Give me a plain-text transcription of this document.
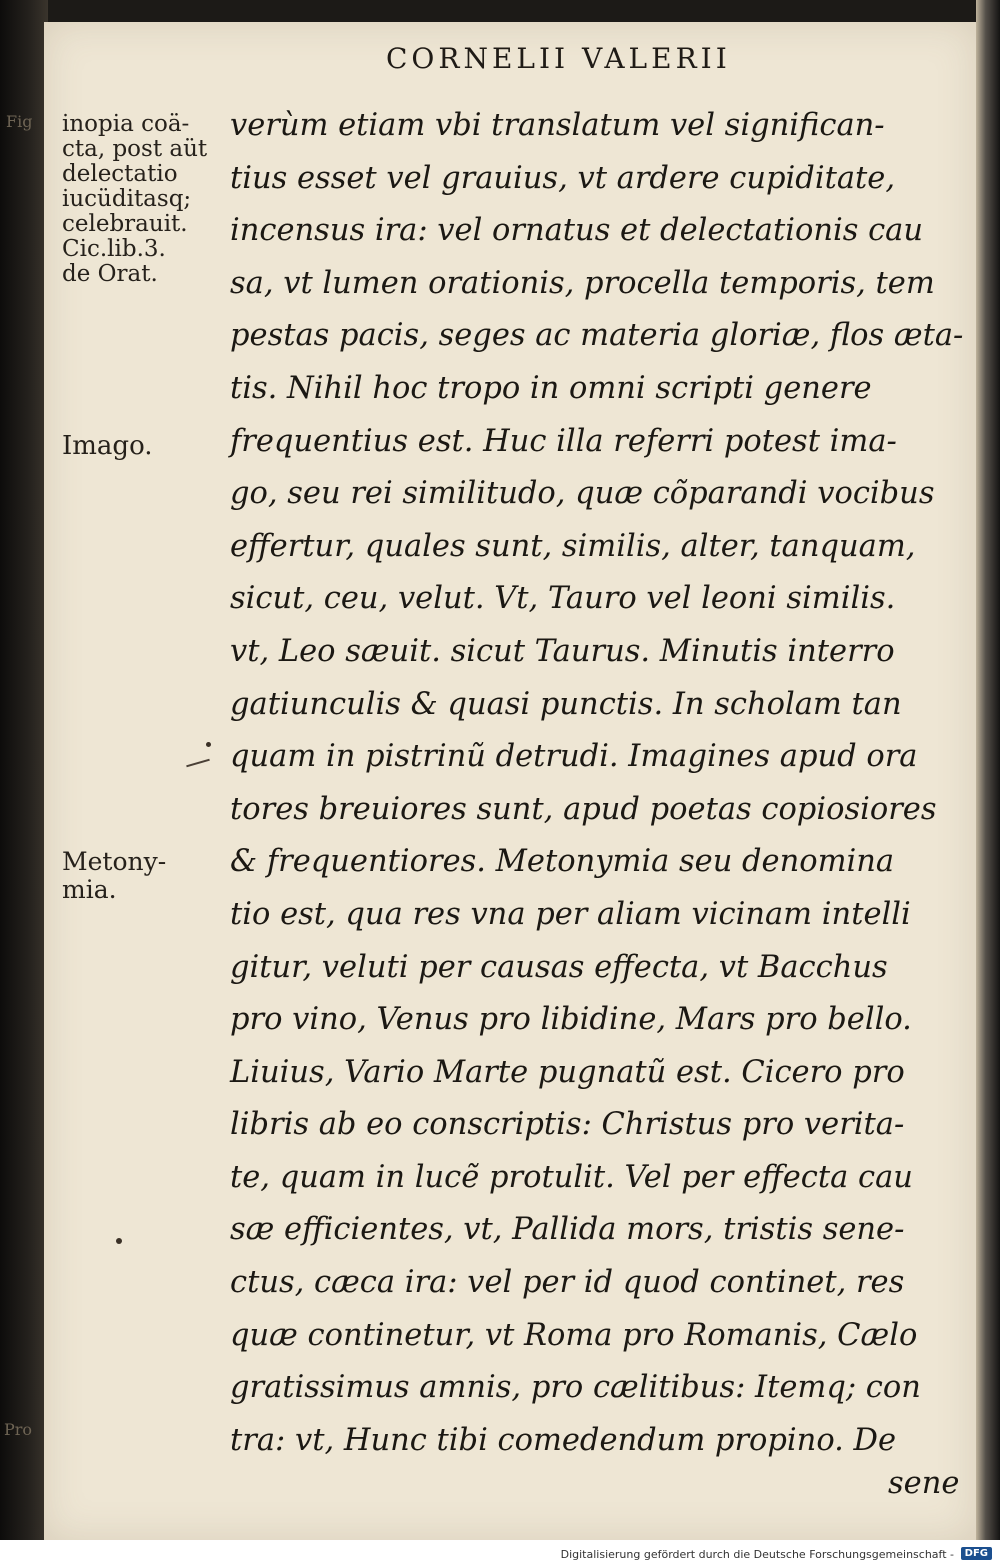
Fig
Pro
CORNELII VALERII
inopia coä-
cta, post aüt
delectatio
iucüditasq;
celebrauit.
Cic.lib.3.
de Orat.
Imago.
Metony-
mia.
verùm etiam vbi translatum vel significan-
tius esset vel grauius, vt ardere cupiditate,
incensus ira: vel ornatus et delectationis cau
sa, vt lumen orationis, procella temporis, tem
pestas pacis, seges ac materia gloriæ, flos æta-
tis. Nihil hoc tropo in omni scripti genere
frequentius est. Huc illa referri potest ima-
go, seu rei similitudo, quæ cõparandi vocibus
effertur, quales sunt, similis, alter, tanquam,
sicut, ceu, velut. Vt, Tauro vel leoni similis.
vt, Leo sæuit. sicut Taurus. Minutis interro
gatiunculis & quasi punctis. In scholam tan
quam in pistrinũ detrudi. Imagines apud ora
tores breuiores sunt, apud poetas copiosiores
& frequentiores. Metonymia seu denomina
tio est, qua res vna per aliam vicinam intelli
gitur, veluti per causas effecta, vt Bacchus
pro vino, Venus pro libidine, Mars pro bello.
Liuius, Vario Marte pugnatũ est. Cicero pro
libris ab eo conscriptis: Christus pro verita-
te, quam in lucẽ protulit. Vel per effecta cau
sæ efficientes, vt, Pallida mors, tristis sene-
ctus, cæca ira: vel per id quod continet, res
quæ continetur, vt Roma pro Romanis, Cælo
gratissimus amnis, pro cælitibus: Itemq; con
tra: vt, Hunc tibi comedendum propino. De
sene
Digitalisierung gefördert durch die Deutsche Forschungsgemeinschaft -	DFG
